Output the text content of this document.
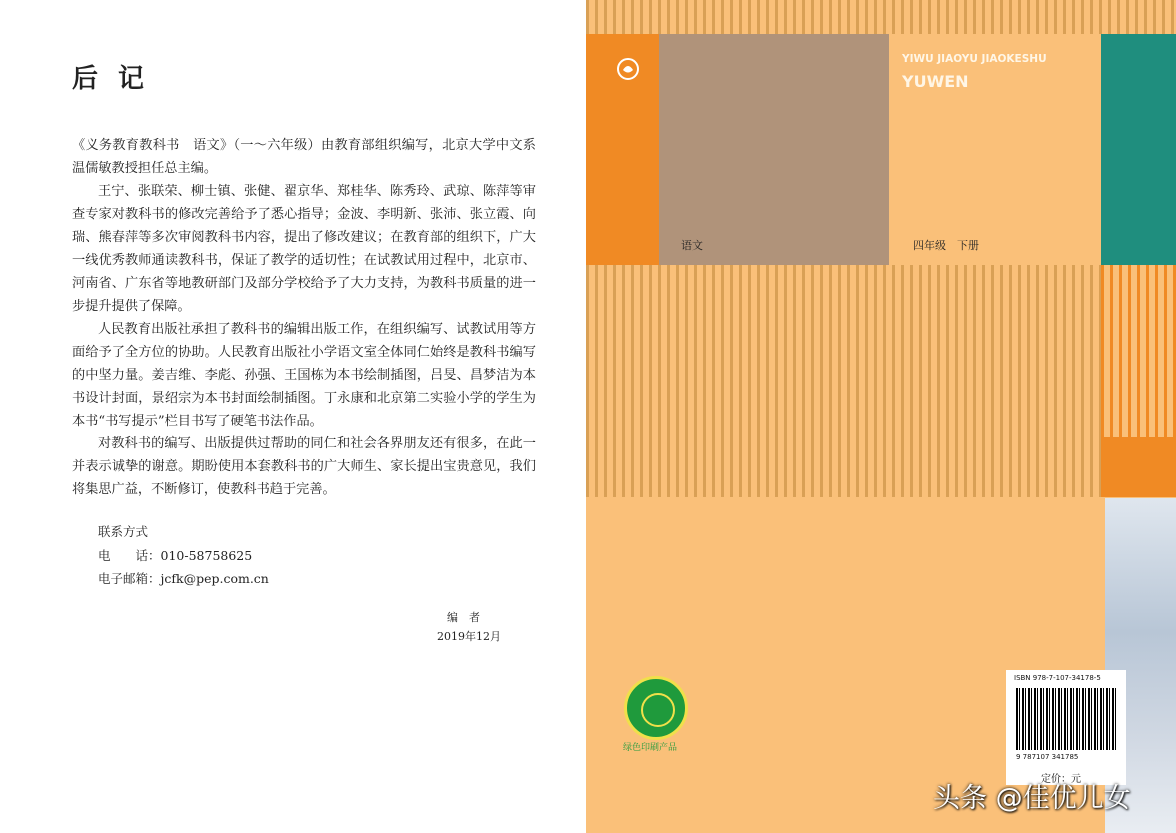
后记

《义务教育教科书　语文》（一～六年级）由教育部组织编写，北京大学中文系温儒敏教授担任总主编。

王宁、张联荣、柳士镇、张健、翟京华、郑桂华、陈秀玲、武琼、陈萍等审查专家对教科书的修改完善给予了悉心指导；金波、李明新、张沛、张立霞、向瑞、熊春萍等多次审阅教科书内容，提出了修改建议；在教育部的组织下，广大一线优秀教师通读教科书，保证了教学的适切性；在试教试用过程中，北京市、河南省、广东省等地教研部门及部分学校给予了大力支持，为教科书质量的进一步提升提供了保障。

人民教育出版社承担了教科书的编辑出版工作，在组织编写、试教试用等方面给予了全方位的协助。人民教育出版社小学语文室全体同仁始终是教科书编写的中坚力量。姜吉维、李彪、孙强、王国栋为本书绘制插图，吕旻、昌梦洁为本书设计封面，景绍宗为本书封面绘制插图。丁永康和北京第二实验小学的学生为本书“书写提示”栏目书写了硬笔书法作品。

对教科书的编写、出版提供过帮助的同仁和社会各界朋友还有很多，在此一并表示诚挚的谢意。期盼使用本套教科书的广大师生、家长提出宝贵意见，我们将集思广益，不断修订，使教科书趋于完善。

联系方式
电　　话：010-58758625
电子邮箱：jcfk@pep.com.cn
编　者
2019年12月
语文
YIWU JIAOYU JIAOKESHU
YUWEN
四年级　下册
绿色印刷产品
ISBN 978-7-107-34178-5
9 787107 341785
定价：元
头条 @佳优儿女
